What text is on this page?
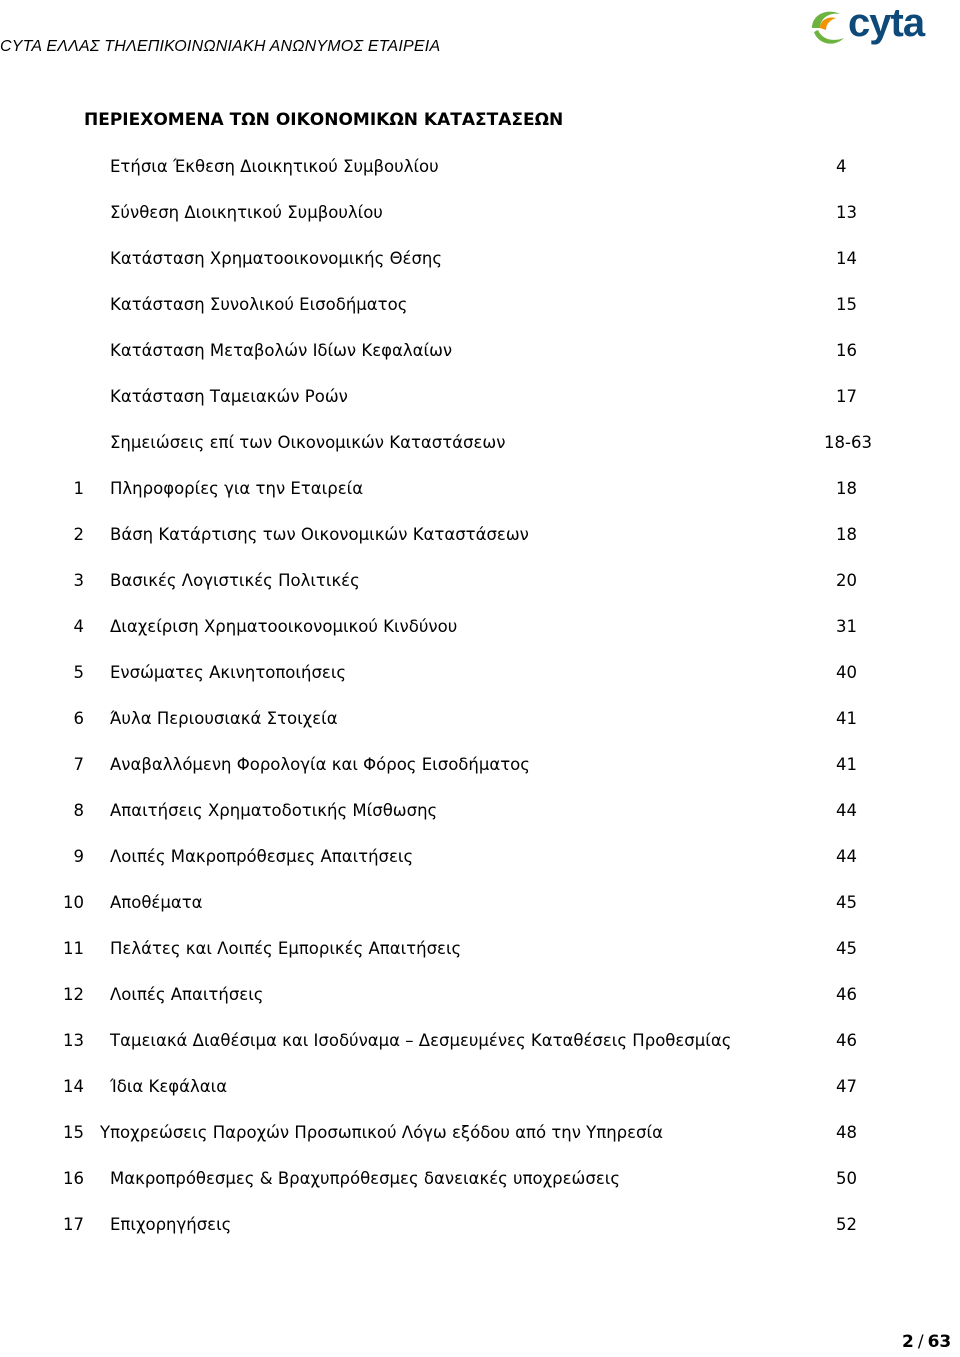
CYTA ΕΛΛΑΣ ΤΗΛΕΠΙΚΟΙΝΩΝΙΑΚΗ ΑΝΩΝΥΜΟΣ ΕΤΑΙΡΕΙΑ
cyta
ΠΕΡΙΕΧΟΜΕΝΑ ΤΩΝ ΟΙΚΟΝΟΜΙΚΩΝ ΚΑΤΑΣΤΑΣΕΩΝ
Ετήσια Έκθεση Διοικητικού Συμβουλίου	4
Σύνθεση Διοικητικού Συμβουλίου	13
Κατάσταση Χρηματοοικονομικής Θέσης	14
Κατάσταση Συνολικού Εισοδήματος	15
Κατάσταση Μεταβολών Ιδίων Κεφαλαίων	16
Κατάσταση Ταμειακών Ροών	17
Σημειώσεις επί των Οικονομικών Καταστάσεων	18-63
1 Πληροφορίες για την Εταιρεία	18
2 Βάση Κατάρτισης των Οικονομικών Καταστάσεων	18
3 Βασικές Λογιστικές Πολιτικές	20
4 Διαχείριση Χρηματοοικονομικού Κινδύνου	31
5 Ενσώματες Ακινητοποιήσεις	40
6 Άυλα Περιουσιακά Στοιχεία	41
7 Αναβαλλόμενη Φορολογία και Φόρος Εισοδήματος	41
8 Απαιτήσεις Χρηματοδοτικής Μίσθωσης	44
9 Λοιπές Μακροπρόθεσμες Απαιτήσεις	44
10 Αποθέματα	45
11 Πελάτες και Λοιπές Εμπορικές Απαιτήσεις	45
12 Λοιπές Απαιτήσεις	46
13 Ταμειακά Διαθέσιμα και Ισοδύναμα – Δεσμευμένες Καταθέσεις Προθεσμίας	46
14 Ίδια Κεφάλαια	47
15 Υποχρεώσεις Παροχών Προσωπικού Λόγω εξόδου από την Υπηρεσία	48
16 Μακροπρόθεσμες & Βραχυπρόθεσμες δανειακές υποχρεώσεις	50
17 Επιχορηγήσεις	52
2 / 63
